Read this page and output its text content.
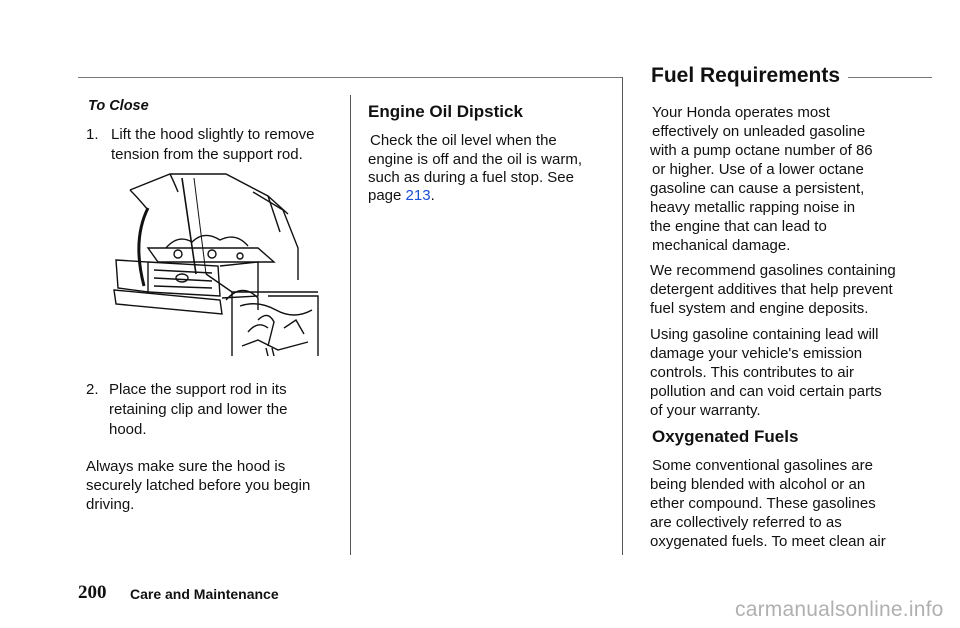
Fuel Requirements
To Close
1. Lift the hood slightly to remove
tension from the support rod.
2. Place the support rod in its
retaining clip and lower the
hood.
Always make sure the hood is
securely latched before you begin
driving.
Engine Oil Dipstick
Check the oil level when the
engine is off and the oil is warm,
such as during a fuel stop. See
page 213.
Your Honda operates most
effectively on unleaded gasoline
with a pump octane number of 86
or higher. Use of a lower octane
gasoline can cause a persistent,
heavy metallic rapping noise in
the engine that can lead to
mechanical damage.
We recommend gasolines containing
detergent additives that help prevent
fuel system and engine deposits.
Using gasoline containing lead will
damage your vehicle's emission
controls. This contributes to air
pollution and can void certain parts
of your warranty.
Oxygenated Fuels
Some conventional gasolines are
being blended with alcohol or an
ether compound. These gasolines
are collectively referred to as
oxygenated fuels. To meet clean air
200 Care and Maintenance
carmanualsonline.info
